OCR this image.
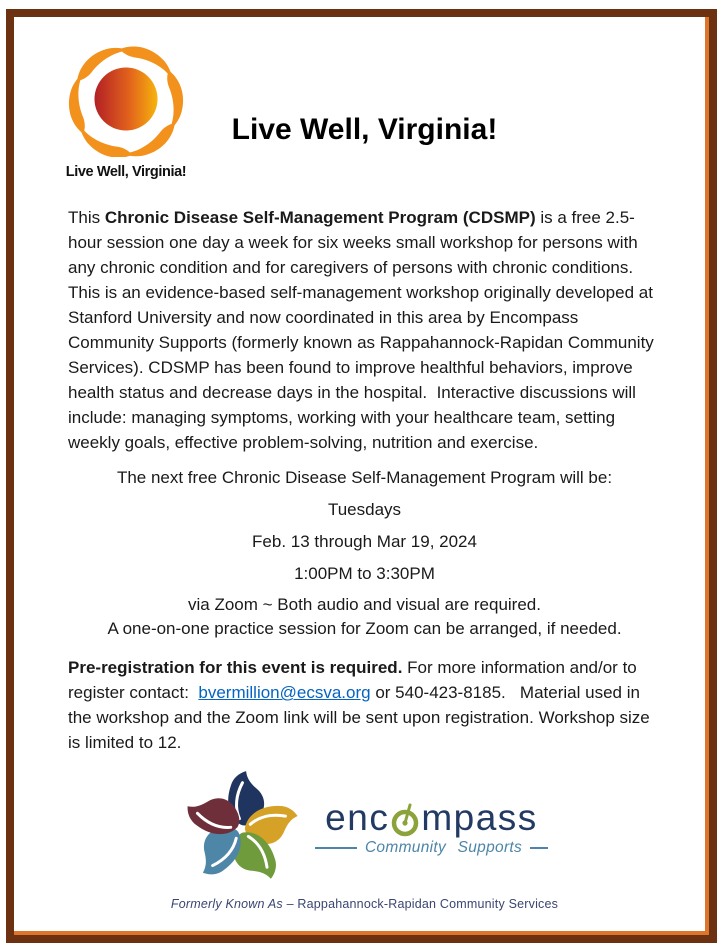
Live Well, Virginia!
Live Well, Virginia!

This Chronic Disease Self-Management Program (CDSMP) is a free 2.5-hour session one day a week for six weeks small workshop for persons with any chronic condition and for caregivers of persons with chronic conditions.  This is an evidence-based self-management workshop originally developed at Stanford University and now coordinated in this area by Encompass Community Supports (formerly known as Rappahannock-Rapidan Community Services). CDSMP has been found to improve healthful behaviors, improve health status and decrease days in the hospital.  Interactive discussions will include: managing symptoms, working with your healthcare team, setting weekly goals, effective problem-solving, nutrition and exercise.

The next free Chronic Disease Self-Management Program will be:

Tuesdays

Feb. 13 through Mar 19, 2024

1:00PM to 3:30PM

via Zoom ~ Both audio and visual are required.

A one-on-one practice session for Zoom can be arranged, if needed.

Pre-registration for this event is required. For more information and/or to register contact:  bvermillion@ecsva.org or 540-423-8185.   Material used in the workshop and the Zoom link will be sent upon registration. Workshop size is limited to 12.

enc mpass
Community Supports
Formerly Known As – Rappahannock-Rapidan Community Services
